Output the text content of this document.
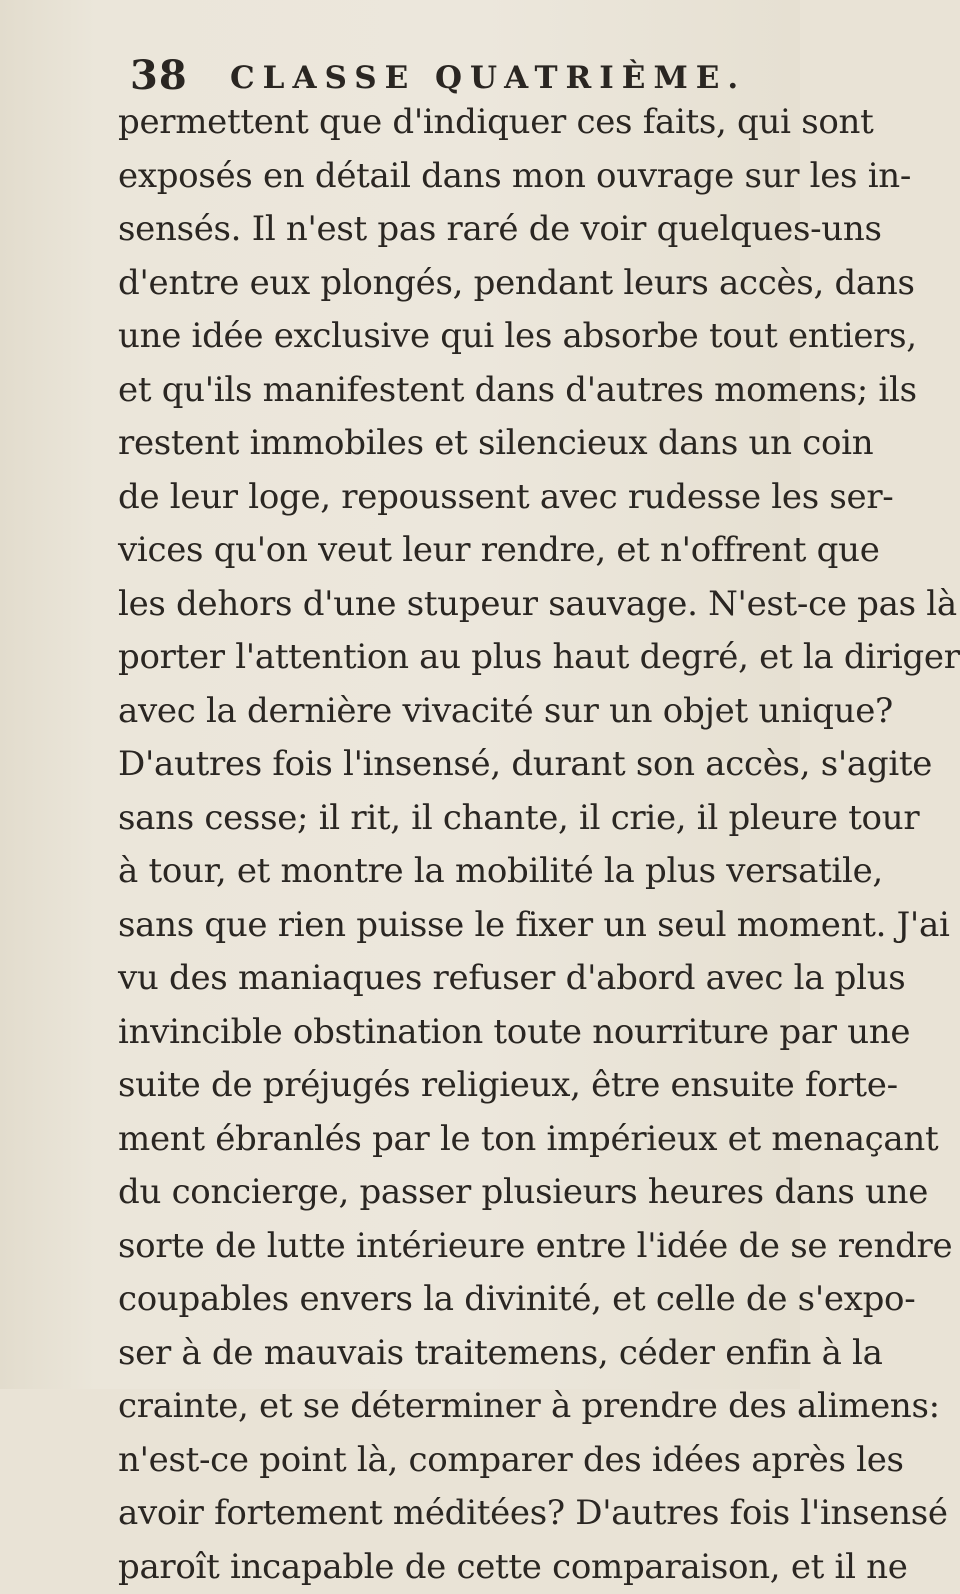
38 CLASSE QUATRIÈME.
permettent que d'indiquer ces faits, qui sont
exposés en détail dans mon ouvrage sur les in-
sensés. Il n'est pas raré de voir quelques-uns
d'entre eux plongés, pendant leurs accès, dans
une idée exclusive qui les absorbe tout entiers,
et qu'ils manifestent dans d'autres momens; ils
restent immobiles et silencieux dans un coin
de leur loge, repoussent avec rudesse les ser-
vices qu'on veut leur rendre, et n'offrent que
les dehors d'une stupeur sauvage. N'est-ce pas là
porter l'attention au plus haut degré, et la diriger
avec la dernière vivacité sur un objet unique?
D'autres fois l'insensé, durant son accès, s'agite
sans cesse; il rit, il chante, il crie, il pleure tour
à tour, et montre la mobilité la plus versatile,
sans que rien puisse le fixer un seul moment. J'ai
vu des maniaques refuser d'abord avec la plus
invincible obstination toute nourriture par une
suite de préjugés religieux, être ensuite forte-
ment ébranlés par le ton impérieux et menaçant
du concierge, passer plusieurs heures dans une
sorte de lutte intérieure entre l'idée de se rendre
coupables envers la divinité, et celle de s'expo-
ser à de mauvais traitemens, céder enfin à la
crainte, et se déterminer à prendre des alimens:
n'est-ce point là, comparer des idées après les
avoir fortement méditées? D'autres fois l'insensé
paroît incapable de cette comparaison, et il ne
